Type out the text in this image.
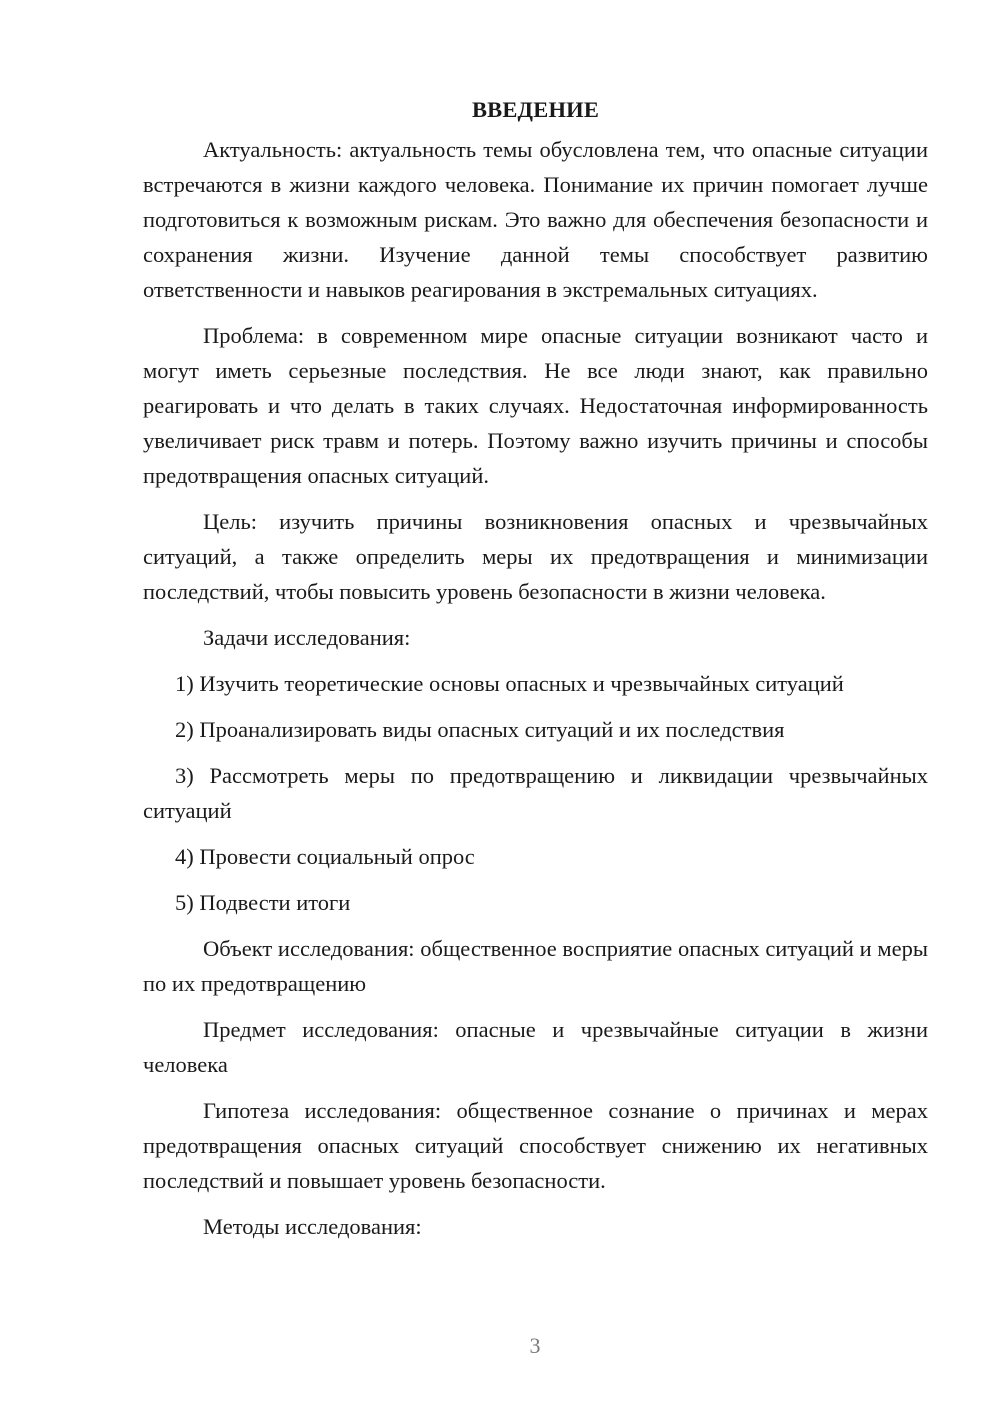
ВВЕДЕНИЕ

Актуальность: актуальность темы обусловлена тем, что опасные ситуации встречаются в жизни каждого человека. Понимание их причин помогает лучше подготовиться к возможным рискам. Это важно для обеспечения безопасности и сохранения жизни. Изучение данной темы способствует развитию ответственности и навыков реагирования в экстремальных ситуациях.

Проблема: в современном мире опасные ситуации возникают часто и могут иметь серьезные последствия. Не все люди знают, как правильно реагировать и что делать в таких случаях. Недостаточная информированность увеличивает риск травм и потерь. Поэтому важно изучить причины и способы предотвращения опасных ситуаций.

Цель: изучить причины возникновения опасных и чрезвычайных ситуаций, а также определить меры их предотвращения и минимизации последствий, чтобы повысить уровень безопасности в жизни человека.

Задачи исследования:

1) Изучить теоретические основы опасных и чрезвычайных ситуаций

2) Проанализировать виды опасных ситуаций и их последствия

3) Рассмотреть меры по предотвращению и ликвидации чрезвычайных ситуаций

4) Провести социальный опрос

5) Подвести итоги

Объект исследования: общественное восприятие опасных ситуаций и меры по их предотвращению

Предмет исследования: опасные и чрезвычайные ситуации в жизни человека

Гипотеза исследования: общественное сознание о причинах и мерах предотвращения опасных ситуаций способствует снижению их негативных последствий и повышает уровень безопасности.

Методы исследования:

3
